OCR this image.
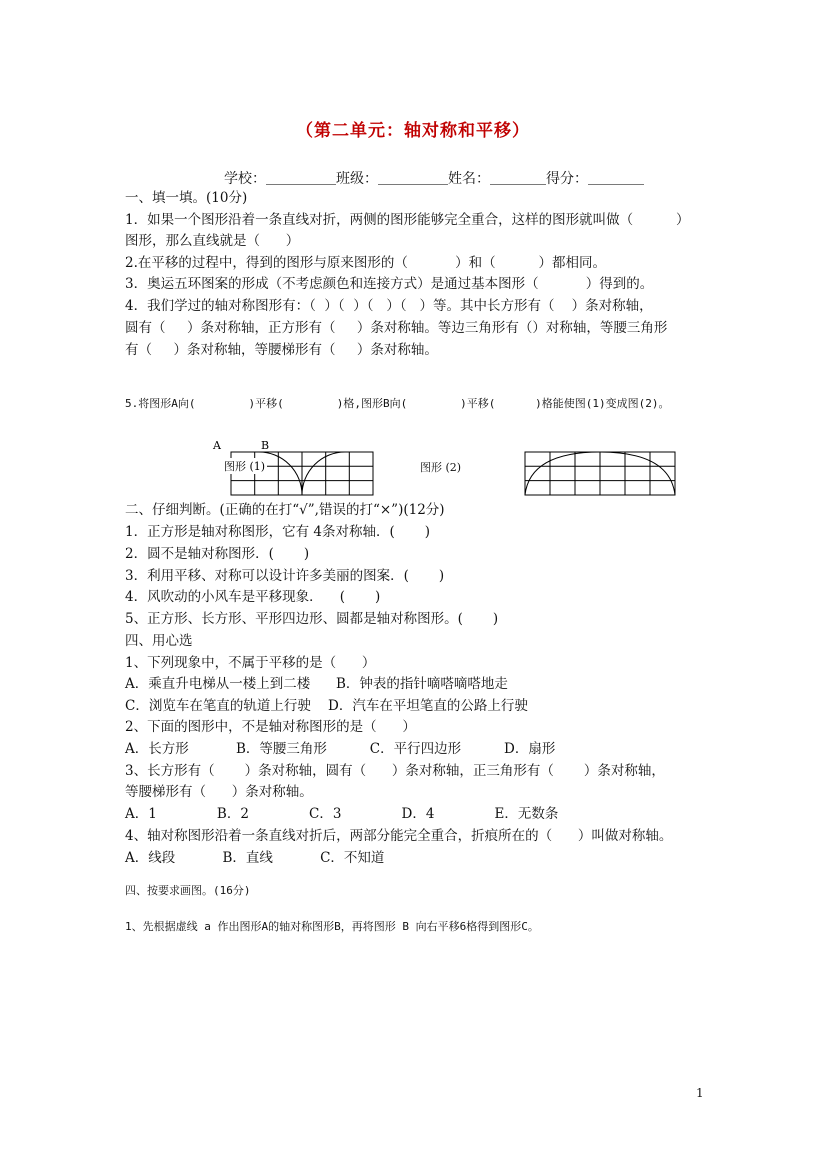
（第二单元：轴对称和平移）
学校：＿＿＿＿＿班级：＿＿＿＿＿姓名：＿＿＿＿得分：＿＿＿＿
一、填一填。(10分)
1．如果一个图形沿着一条直线对折，两侧的图形能够完全重合，这样的图形就叫做（          ）
图形，那么直线就是（      ）
2.在平移的过程中，得到的图形与原来图形的（           ）和（          ）都相同。
3．奥运五环图案的形成（不考虑颜色和连接方式）是通过基本图形（           ）得到的。
4．我们学过的轴对称图形有：（  ）（  ）（   ）（   ）等。其中长方形有（    ）条对称轴，
圆有（     ）条对称轴，正方形有（     ）条对称轴。等边三角形有（）对称轴，等腰三角形
有（     ）条对称轴，等腰梯形有（     ）条对称轴。
5.将图形A向(        )平移(        )格,图形B向(        )平移(      )格能使图(1)变成图(2)。
A	B
图形 (1)	图形 (2)
二、仔细判断。(正确的在打“√”,错误的打“×”)(12分)
1．正方形是轴对称图形，它有 4条对称轴．(       )
2．圆不是轴对称图形．(       )
3．利用平移、对称可以设计许多美丽的图案．(       )
4．风吹动的小风车是平移现象．    (       )
5、正方形、长方形、平形四边形、圆都是轴对称图形。(       )
四、用心选
1、下列现象中，不属于平移的是（      ）
A．乘直升电梯从一楼上到二楼      B．钟表的指针嘀嗒嘀嗒地走
C．浏览车在笔直的轨道上行驶    D．汽车在平坦笔直的公路上行驶
2、下面的图形中，不是轴对称图形的是（      ）
A．长方形           B．等腰三角形          C．平行四边形          D．扇形
3、长方形有（       ）条对称轴，圆有（      ）条对称轴，正三角形有（       ）条对称轴，
等腰梯形有（      ）条对称轴。
A．1              B．2              C．3              D．4              E．无数条
4、轴对称图形沿着一条直线对折后，两部分能完全重合，折痕所在的（      ）叫做对称轴。
A．线段           B．直线           C．不知道
四、按要求画图。(16分)
1、先根据虚线 a 作出图形A的轴对称图形B，再将图形 B 向右平移6格得到图形C。
1
